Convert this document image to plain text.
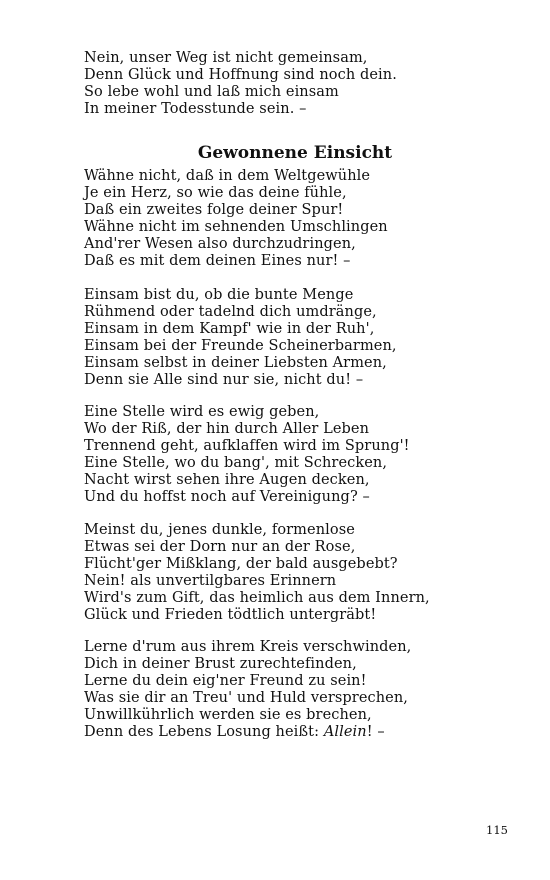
Nein, unser Weg ist nicht gemeinsam,
Denn Glück und Hoffnung sind noch dein.
So lebe wohl und laß mich einsam
In meiner Todesstunde sein. –
Gewonnene Einsicht
Wähne nicht, daß in dem Weltgewühle
Je ein Herz, so wie das deine fühle,
Daß ein zweites folge deiner Spur!
Wähne nicht im sehnenden Umschlingen
And'rer Wesen also durchzudringen,
Daß es mit dem deinen Eines nur! –
Einsam bist du, ob die bunte Menge
Rühmend oder tadelnd dich umdränge,
Einsam in dem Kampf' wie in der Ruh',
Einsam bei der Freunde Scheinerbarmen,
Einsam selbst in deiner Liebsten Armen,
Denn sie Alle sind nur sie, nicht du! –
Eine Stelle wird es ewig geben,
Wo der Riß, der hin durch Aller Leben
Trennend geht, aufklaffen wird im Sprung'!
Eine Stelle, wo du bang', mit Schrecken,
Nacht wirst sehen ihre Augen decken,
Und du hoffst noch auf Vereinigung? –
Meinst du, jenes dunkle, formenlose
Etwas sei der Dorn nur an der Rose,
Flücht'ger Mißklang, der bald ausgebebt?
Nein! als unvertilgbares Erinnern
Wird's zum Gift, das heimlich aus dem Innern,
Glück und Frieden tödtlich untergräbt!
Lerne d'rum aus ihrem Kreis verschwinden,
Dich in deiner Brust zurechtefinden,
Lerne du dein eig'ner Freund zu sein!
Was sie dir an Treu' und Huld versprechen,
Unwillkührlich werden sie es brechen,
Denn des Lebens Losung heißt: Allein! –
115
